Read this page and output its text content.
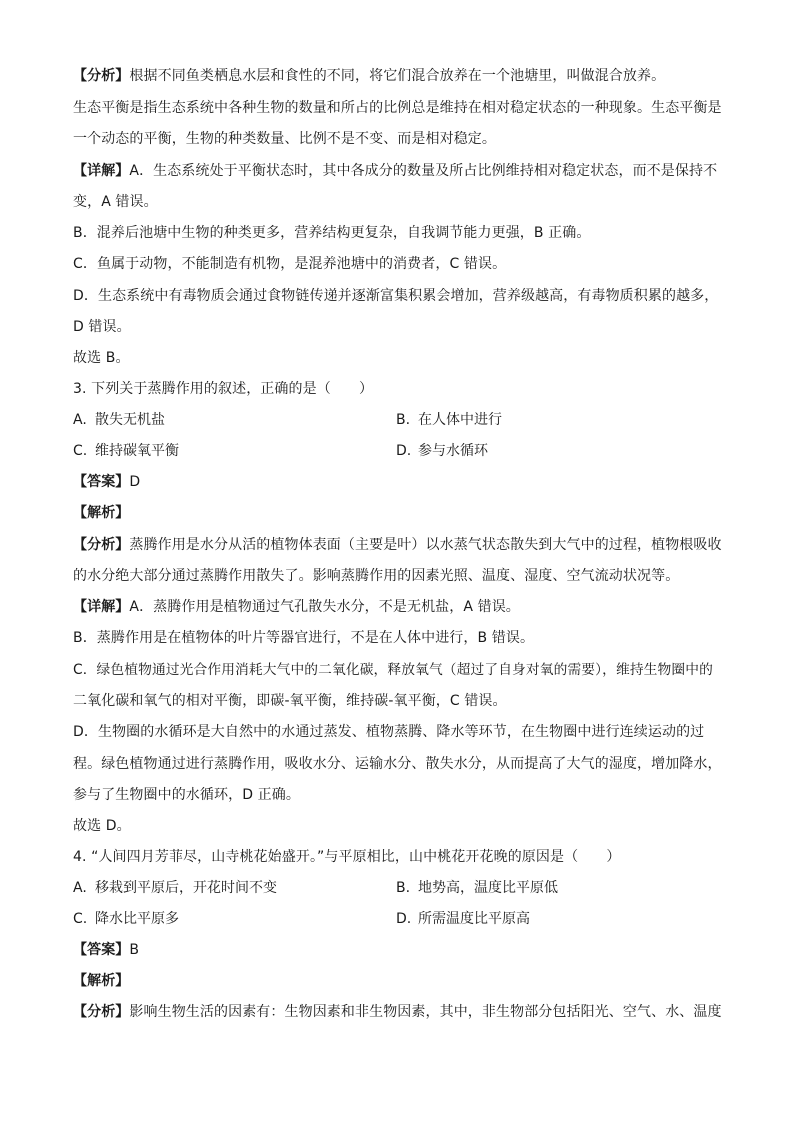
【分析】根据不同鱼类栖息水层和食性的不同，将它们混合放养在一个池塘里，叫做混合放养。
生态平衡是指生态系统中各种生物的数量和所占的比例总是维持在相对稳定状态的一种现象。生态平衡是
一个动态的平衡，生物的种类数量、比例不是不变、而是相对稳定。
【详解】A．生态系统处于平衡状态时，其中各成分的数量及所占比例维持相对稳定状态，而不是保持不
变，A 错误。
B．混养后池塘中生物的种类更多，营养结构更复杂，自我调节能力更强，B 正确。
C．鱼属于动物，不能制造有机物，是混养池塘中的消费者，C 错误。
D．生态系统中有毒物质会通过食物链传递并逐渐富集积累会增加，营养级越高，有毒物质积累的越多，
D 错误。
故选 B。
3. 下列关于蒸腾作用的叙述，正确的是（　　）
A. 散失无机盐	B. 在人体中进行
C. 维持碳氧平衡	D. 参与水循环
【答案】D
【解析】
【分析】蒸腾作用是水分从活的植物体表面（主要是叶）以水蒸气状态散失到大气中的过程，植物根吸收
的水分绝大部分通过蒸腾作用散失了。影响蒸腾作用的因素光照、温度、湿度、空气流动状况等。
【详解】A．蒸腾作用是植物通过气孔散失水分，不是无机盐，A 错误。
B．蒸腾作用是在植物体的叶片等器官进行，不是在人体中进行，B 错误。
C．绿色植物通过光合作用消耗大气中的二氧化碳，释放氧气（超过了自身对氧的需要），维持生物圈中的
二氧化碳和氧气的相对平衡，即碳-氧平衡，维持碳-氧平衡，C 错误。
D．生物圈的水循环是大自然中的水通过蒸发、植物蒸腾、降水等环节，在生物圈中进行连续运动的过
程。绿色植物通过进行蒸腾作用，吸收水分、运输水分、散失水分，从而提高了大气的湿度，增加降水，
参与了生物圈中的水循环，D 正确。
故选 D。
4. “人间四月芳菲尽，山寺桃花始盛开。”与平原相比，山中桃花开花晚的原因是（　　）
A. 移栽到平原后，开花时间不变	B. 地势高，温度比平原低
C. 降水比平原多	D. 所需温度比平原高
【答案】B
【解析】
【分析】影响生物生活的因素有：生物因素和非生物因素，其中，非生物部分包括阳光、空气、水、温度
